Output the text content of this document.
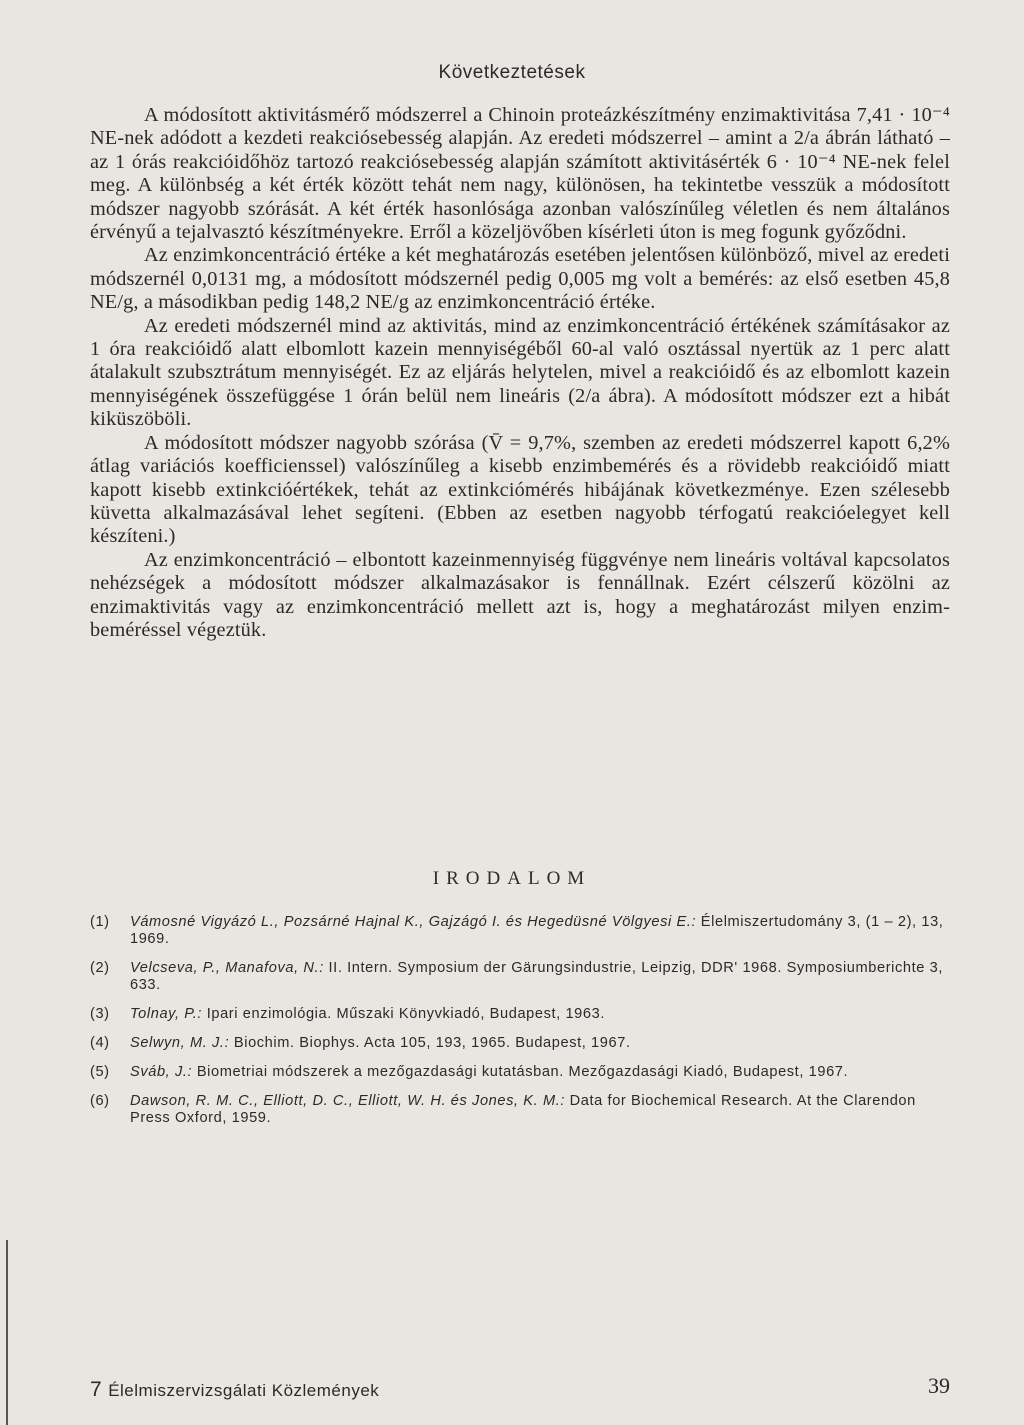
Következtetések

A módosított aktivitásmérő módszerrel a Chinoin proteázkészítmény enzimaktivitása 7,41 · 10⁻⁴ NE-nek adódott a kezdeti reakciósebesség alapján. Az eredeti módszerrel – amint a 2/a ábrán látható – az 1 órás reakcióidőhöz tartozó reakciósebesség alapján számított aktivitásérték 6 · 10⁻⁴ NE-nek felel meg. A különbség a két érték között tehát nem nagy, különösen, ha tekintetbe vesszük a módosított módszer nagyobb szórását. A két érték hasonlósága azonban valószínűleg véletlen és nem általános érvényű a tejalvasztó készítményekre. Erről a közeljövőben kísérleti úton is meg fogunk győződni.

Az enzimkoncentráció értéke a két meghatározás esetében jelentősen különböző, mivel az eredeti módszernél 0,0131 mg, a módosított módszernél pedig 0,005 mg volt a bemérés: az első esetben 45,8 NE/g, a másodikban pedig 148,2 NE/g az enzimkoncentráció értéke.

Az eredeti módszernél mind az aktivitás, mind az enzimkoncentráció értékének számításakor az 1 óra reakcióidő alatt elbomlott kazein mennyiségéből 60-al való osztással nyertük az 1 perc alatt átalakult szubsztrátum mennyiségét. Ez az eljárás helytelen, mivel a reakcióidő és az elbomlott kazein mennyiségének összefüggése 1 órán belül nem lineáris (2/a ábra). A módosított módszer ezt a hibát kiküszöböli.

A módosított módszer nagyobb szórása (V̄ = 9,7%, szemben az eredeti módszerrel kapott 6,2% átlag variációs koefficienssel) valószínűleg a kisebb enzimbemérés és a rövidebb reakcióidő miatt kapott kisebb extinkcióértékek, tehát az extinkciómérés hibájának következménye. Ezen szélesebb küvetta alkalmazásával lehet segíteni. (Ebben az esetben nagyobb térfogatú reakcióelegyet kell készíteni.)

Az enzimkoncentráció – elbontott kazeinmennyiség függvénye nem lineáris voltával kapcsolatos nehézségek a módosított módszer alkalmazásakor is fennállnak. Ezért célszerű közölni az enzimaktivitás vagy az enzimkoncentráció mellett azt is, hogy a meghatározást milyen enzim-beméréssel végeztük.

IRODALOM
(1) Vámosné Vigyázó L., Pozsárné Hajnal K., Gajzágó I. és Hegedüsné Völgyesi E.: Élelmiszertudomány 3, (1 – 2), 13, 1969.
(2) Velcseva, P., Manafova, N.: II. Intern. Symposium der Gärungsindustrie, Leipzig, DDR' 1968. Symposiumberichte 3, 633.
(3) Tolnay, P.: Ipari enzimológia. Műszaki Könyvkiadó, Budapest, 1963.
(4) Selwyn, M. J.: Biochim. Biophys. Acta 105, 193, 1965. Budapest, 1967.
(5) Sváb, J.: Biometriai módszerek a mezőgazdasági kutatásban. Mezőgazdasági Kiadó, Budapest, 1967.
(6) Dawson, R. M. C., Elliott, D. C., Elliott, W. H. és Jones, K. M.: Data for Biochemical Research. At the Clarendon Press Oxford, 1959.
7 Élelmiszervizsgálati Közlemények	39
